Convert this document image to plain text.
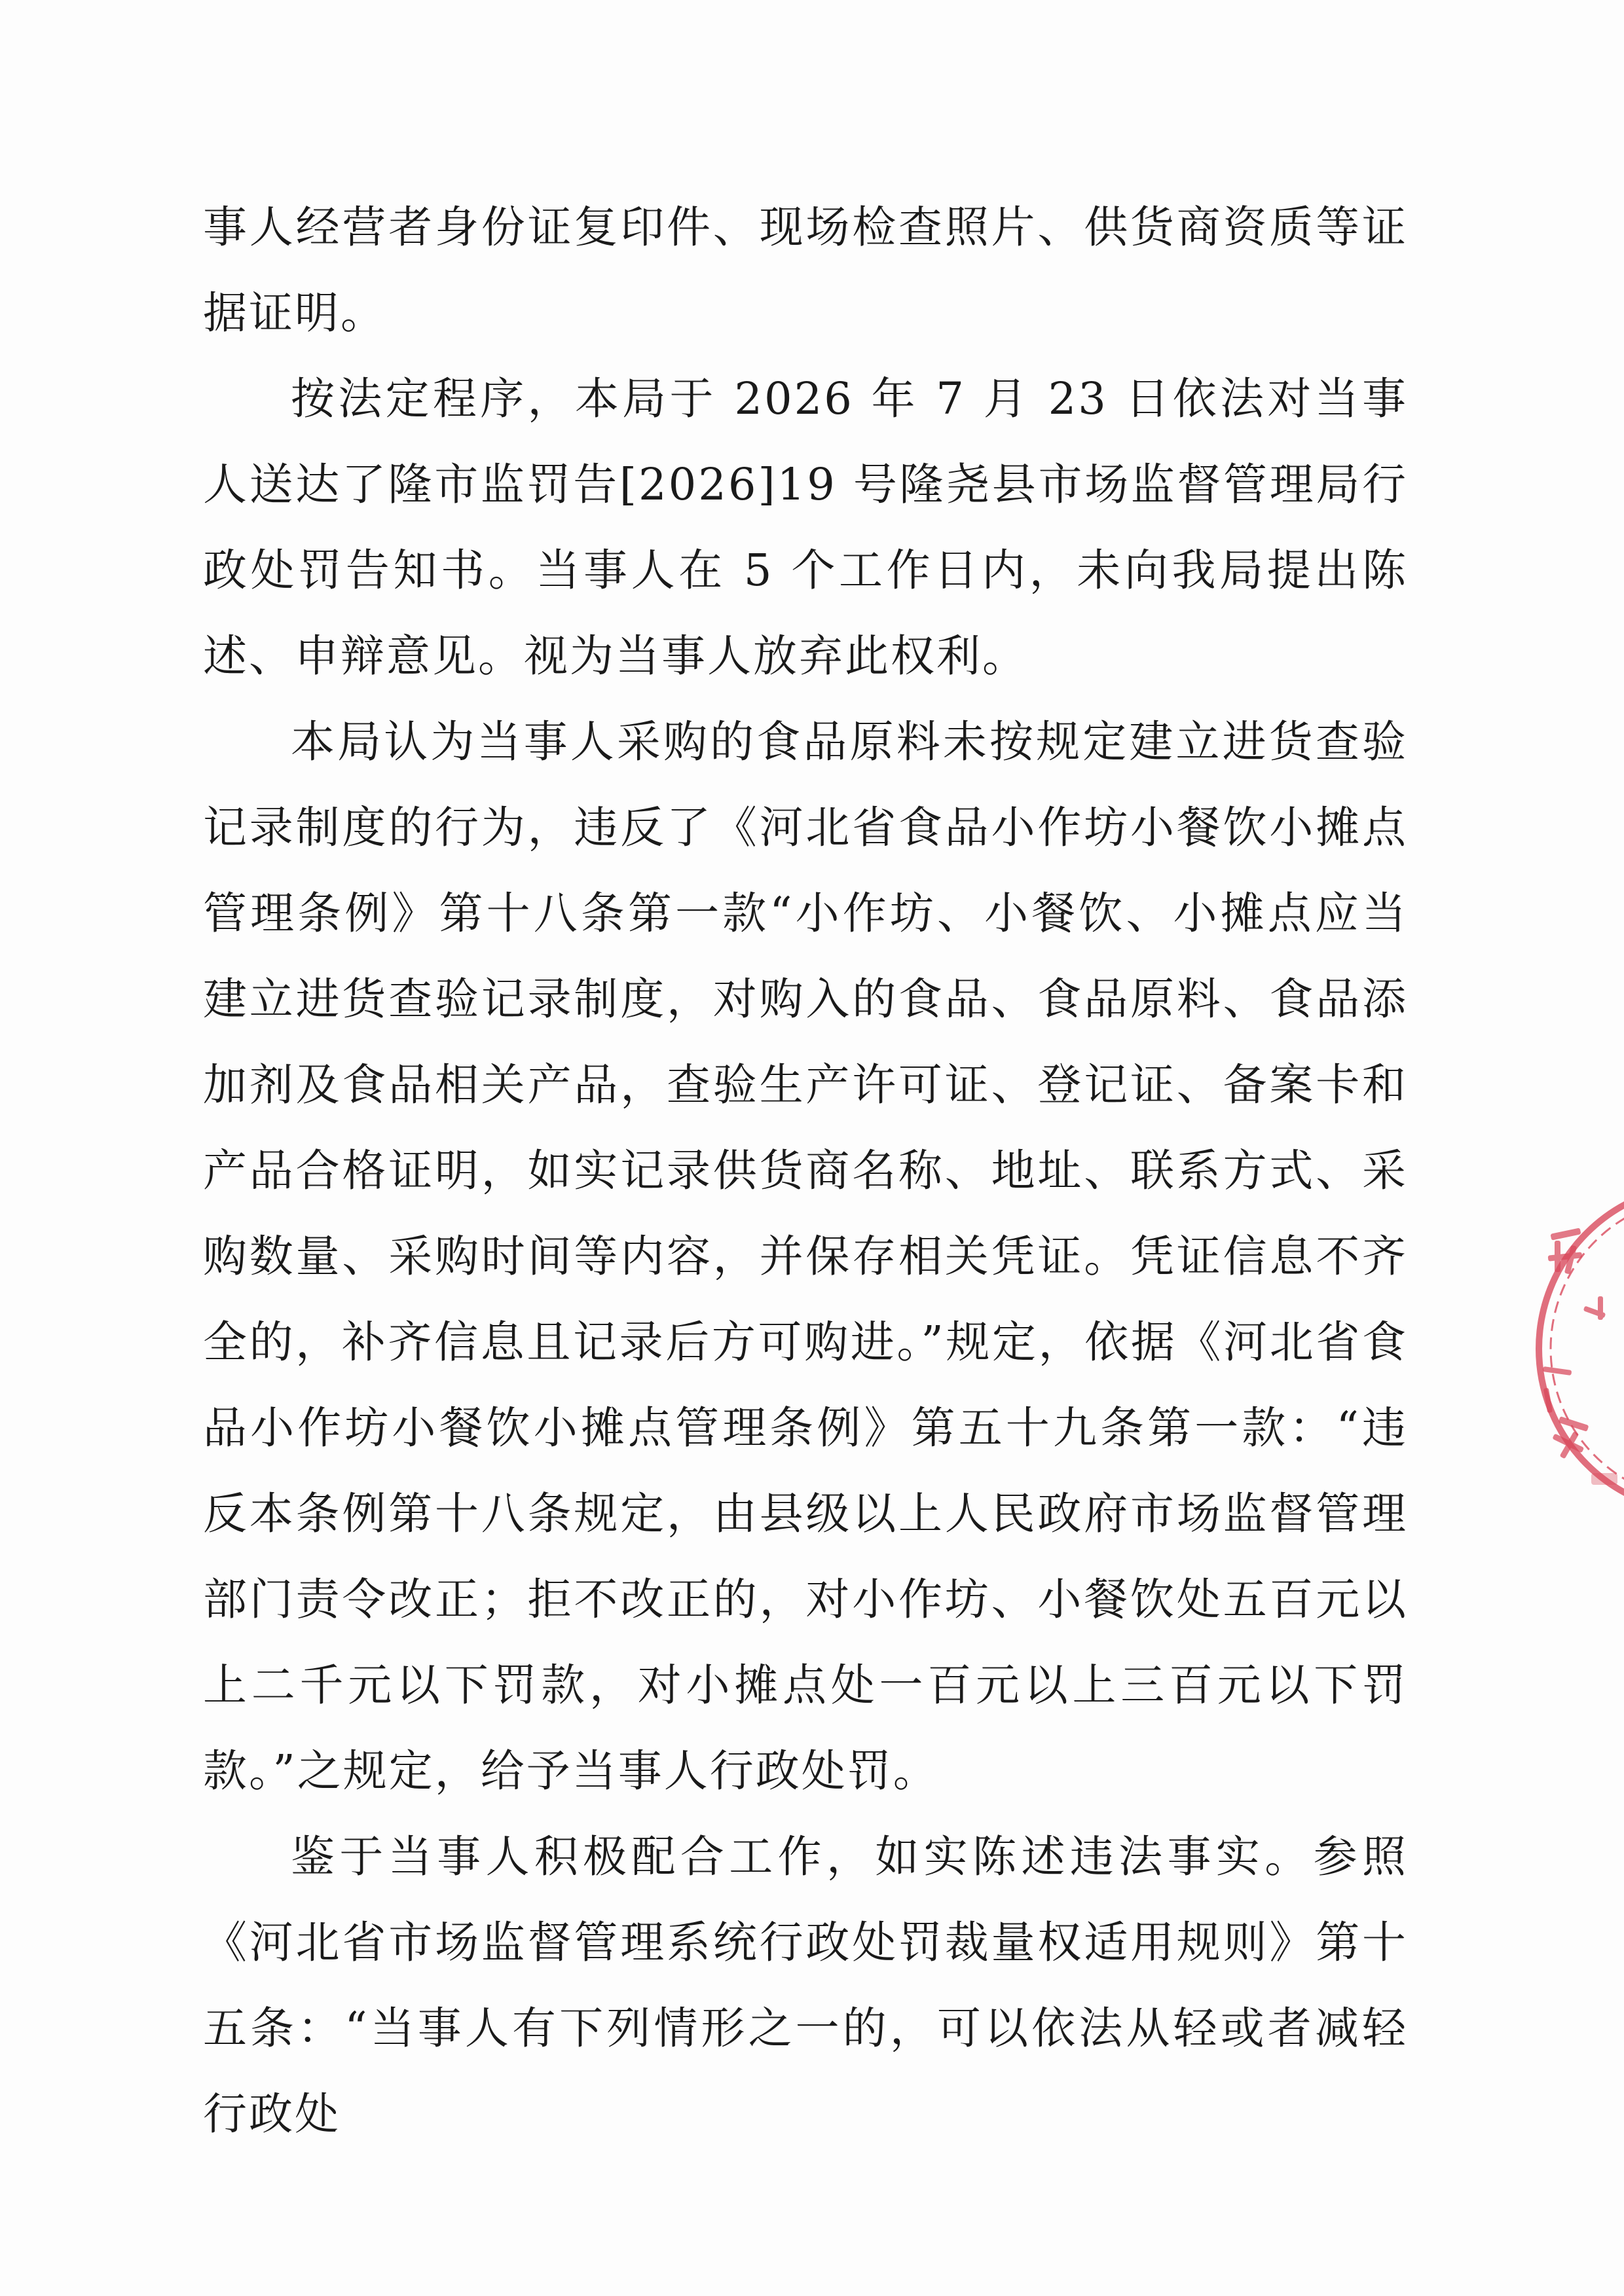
事人经营者身份证复印件、现场检查照片、供货商资质等证据证明。

按法定程序，本局于 2026 年 7 月 23 日依法对当事人送达了隆市监罚告[2026]19 号隆尧县市场监督管理局行政处罚告知书。当事人在 5 个工作日内，未向我局提出陈述、申辩意见。视为当事人放弃此权利。

本局认为当事人采购的食品原料未按规定建立进货查验记录制度的行为，违反了《河北省食品小作坊小餐饮小摊点管理条例》第十八条第一款“小作坊、小餐饮、小摊点应当建立进货查验记录制度，对购入的食品、食品原料、食品添加剂及食品相关产品，查验生产许可证、登记证、备案卡和产品合格证明，如实记录供货商名称、地址、联系方式、采购数量、采购时间等内容，并保存相关凭证。凭证信息不齐全的，补齐信息且记录后方可购进。”规定，依据《河北省食品小作坊小餐饮小摊点管理条例》第五十九条第一款：“违反本条例第十八条规定，由县级以上人民政府市场监督管理部门责令改正；拒不改正的，对小作坊、小餐饮处五百元以上二千元以下罚款，对小摊点处一百元以上三百元以下罚款。”之规定，给予当事人行政处罚。

鉴于当事人积极配合工作，如实陈述违法事实。参照《河北省市场监督管理系统行政处罚裁量权适用规则》第十五条：“当事人有下列情形之一的，可以依法从轻或者减轻行政处
